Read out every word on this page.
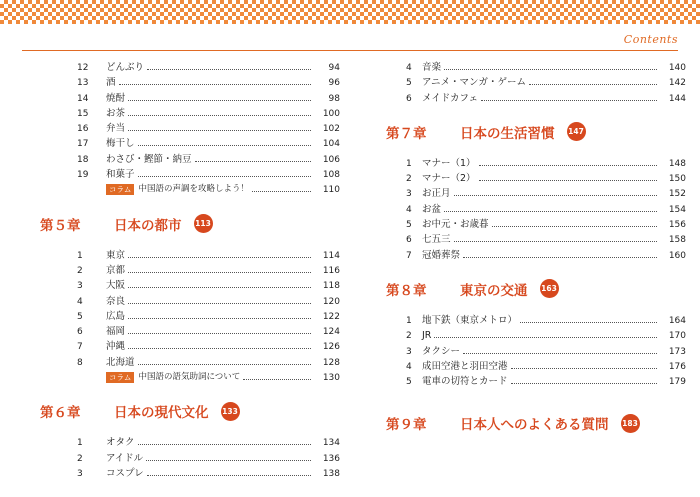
Contents
12	どんぶり	94
13	酒	96
14	焼酎	98
15	お茶	100
16	弁当	102
17	梅干し	104
18	わさび・鰹節・納豆	106
19	和菓子	108
コラム 中国語の声調を攻略しよう！	110
第５章	日本の都市 113
1	東京	114
2	京都	116
3	大阪	118
4	奈良	120
5	広島	122
6	福岡	124
7	沖縄	126
8	北海道	128
コラム 中国語の語気助詞について	130
第６章	日本の現代文化 133
1	オタク	134
2	アイドル	136
3	コスプレ	138
4	音楽	140
5	アニメ・マンガ・ゲーム	142
6	メイドカフェ	144
第７章	日本の生活習慣 147
1	マナー（1）	148
2	マナー（2）	150
3	お正月	152
4	お盆	154
5	お中元・お歳暮	156
6	七五三	158
7	冠婚葬祭	160
第８章	東京の交通 163
1	地下鉄（東京メトロ）	164
2	JR	170
3	タクシー	173
4	成田空港と羽田空港	176
5	電車の切符とカード	179
第９章	日本人へのよくある質問 183
